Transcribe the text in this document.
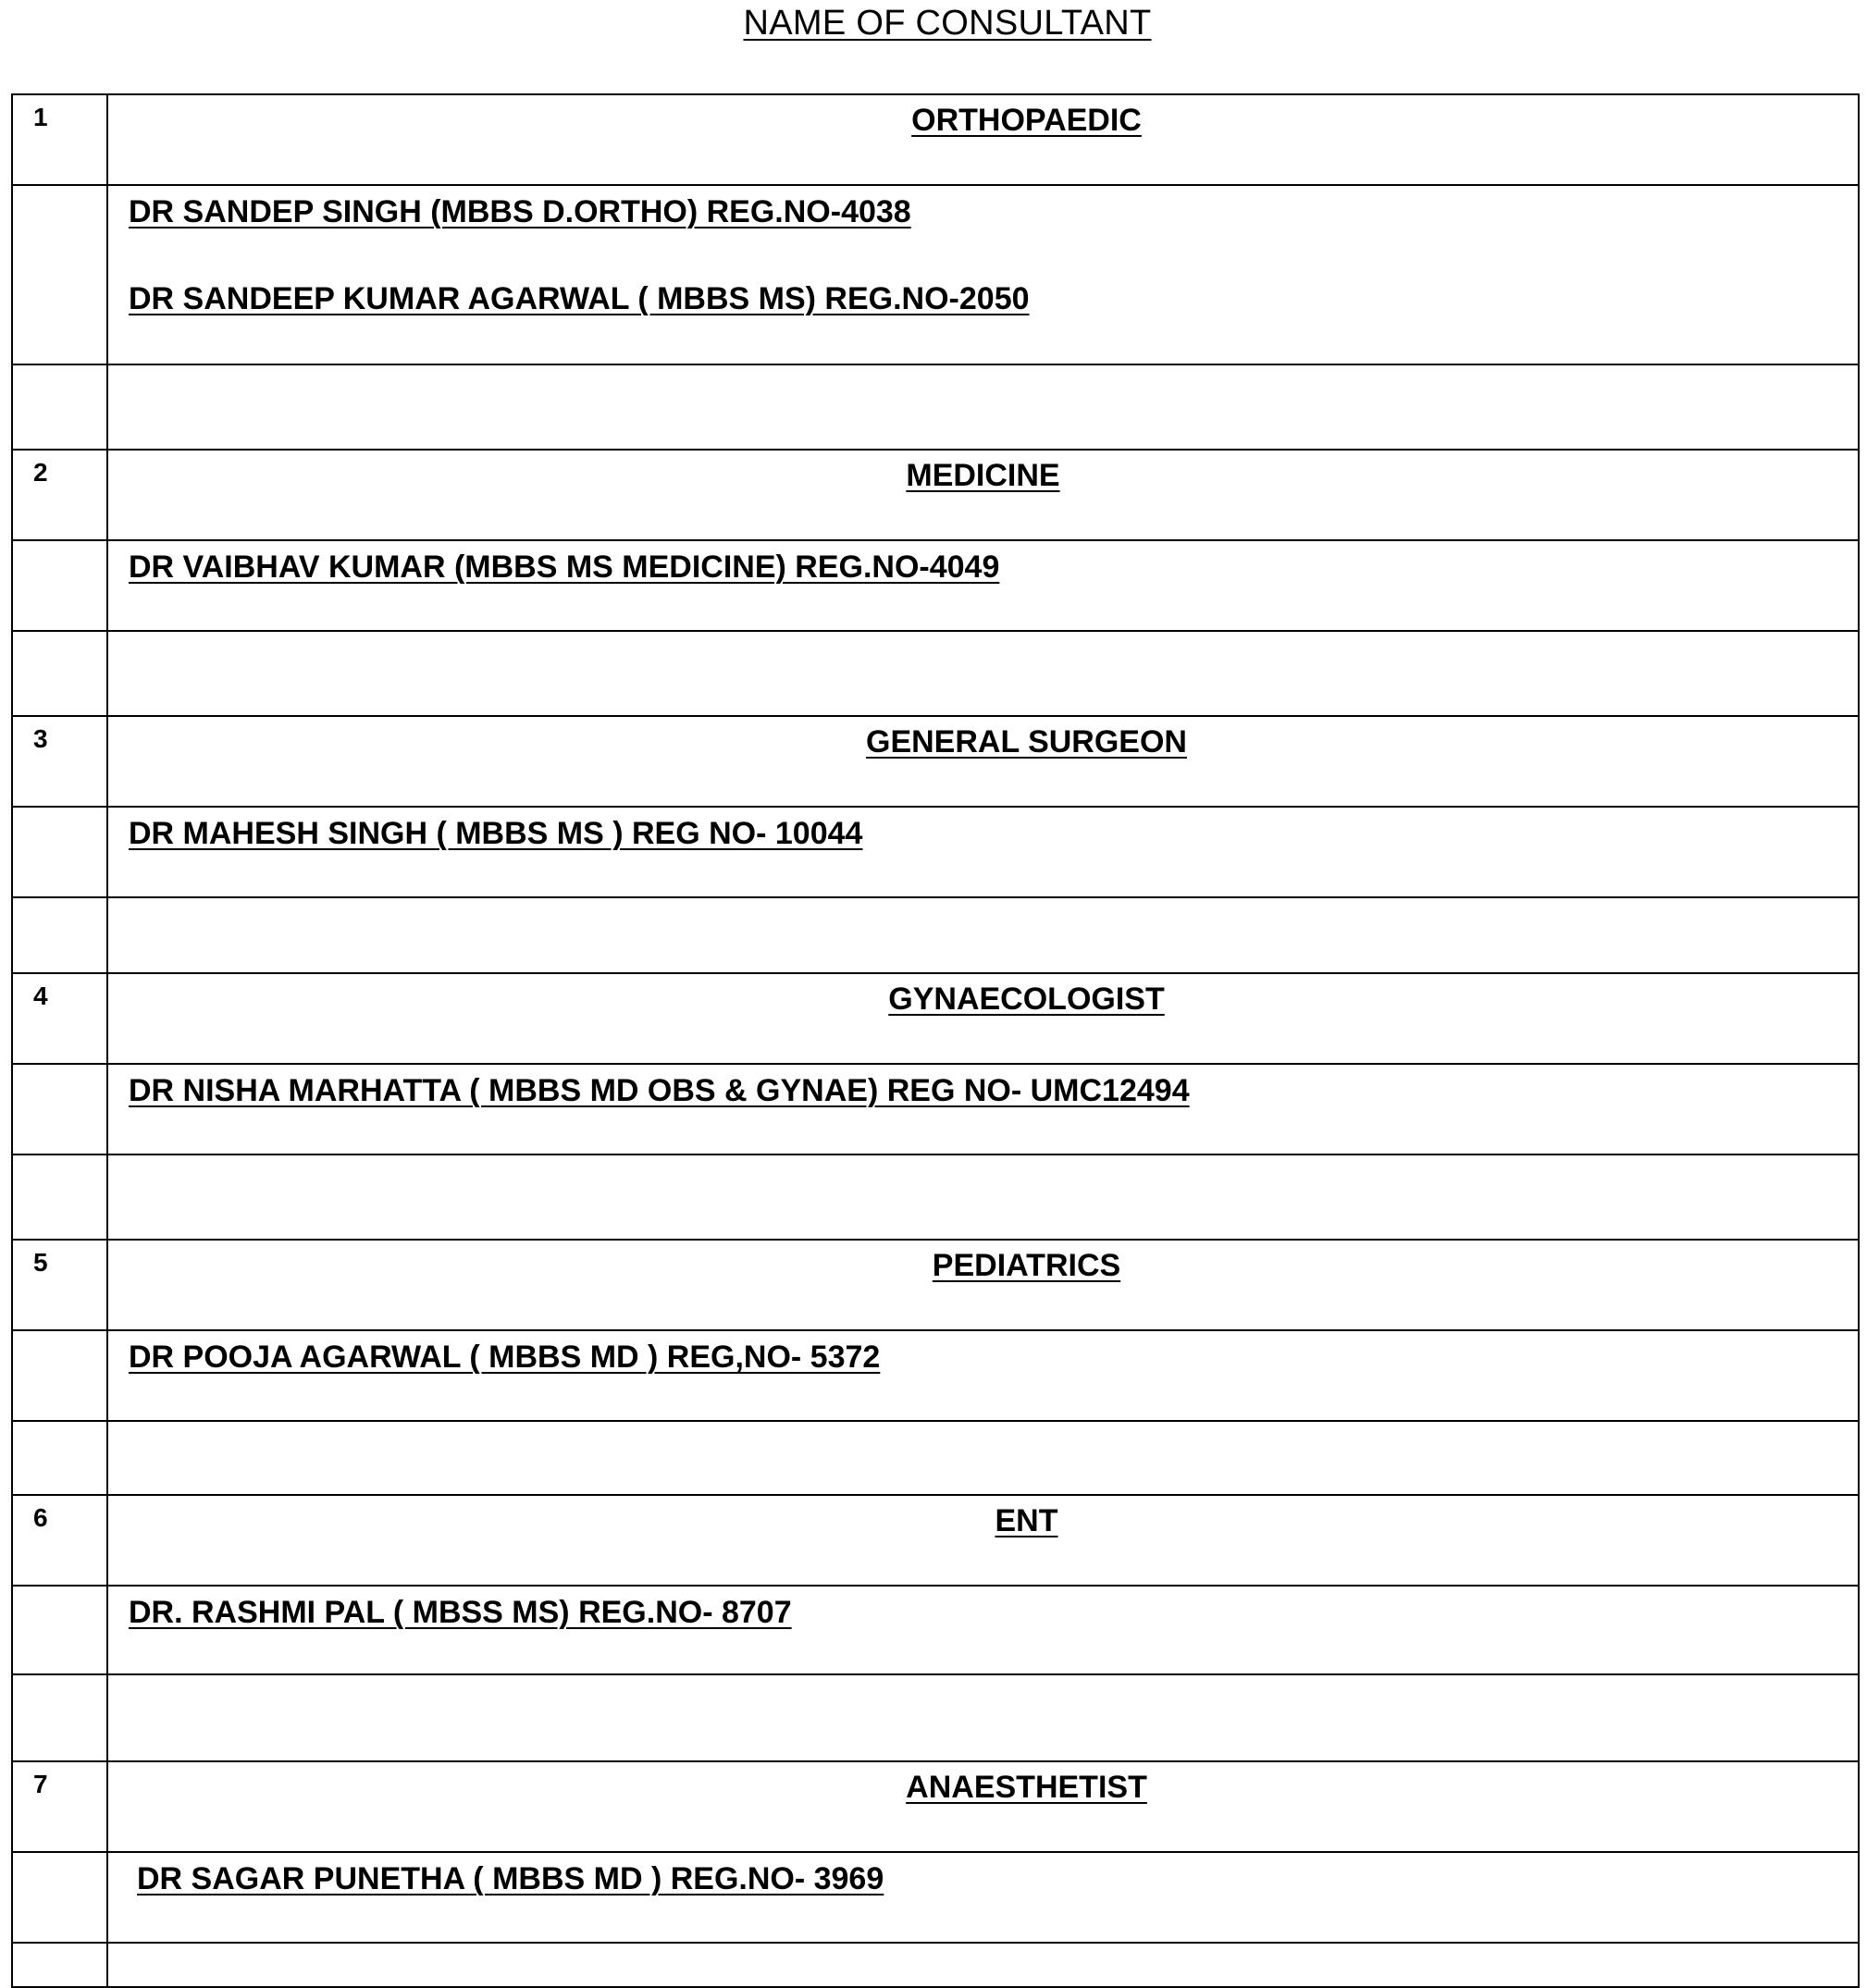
NAME OF CONSULTANT
1	ORTHOPAEDIC

	DR SANDEP SINGH (MBBS D.ORTHO) REG.NO-4038
DR SANDEEP KUMAR AGARWAL ( MBBS MS) REG.NO-2050

2	MEDICINE

	DR VAIBHAV KUMAR (MBBS MS MEDICINE) REG.NO-4049

3	GENERAL SURGEON

	DR MAHESH SINGH ( MBBS MS ) REG NO- 10044

4	GYNAECOLOGIST

	DR NISHA MARHATTA ( MBBS MD OBS & GYNAE) REG NO- UMC12494

5	PEDIATRICS

	DR POOJA AGARWAL ( MBBS MD ) REG,NO- 5372

6	ENT

	DR. RASHMI PAL ( MBSS MS) REG.NO- 8707

7	ANAESTHETIST

	DR SAGAR PUNETHA ( MBBS MD ) REG.NO- 3969
